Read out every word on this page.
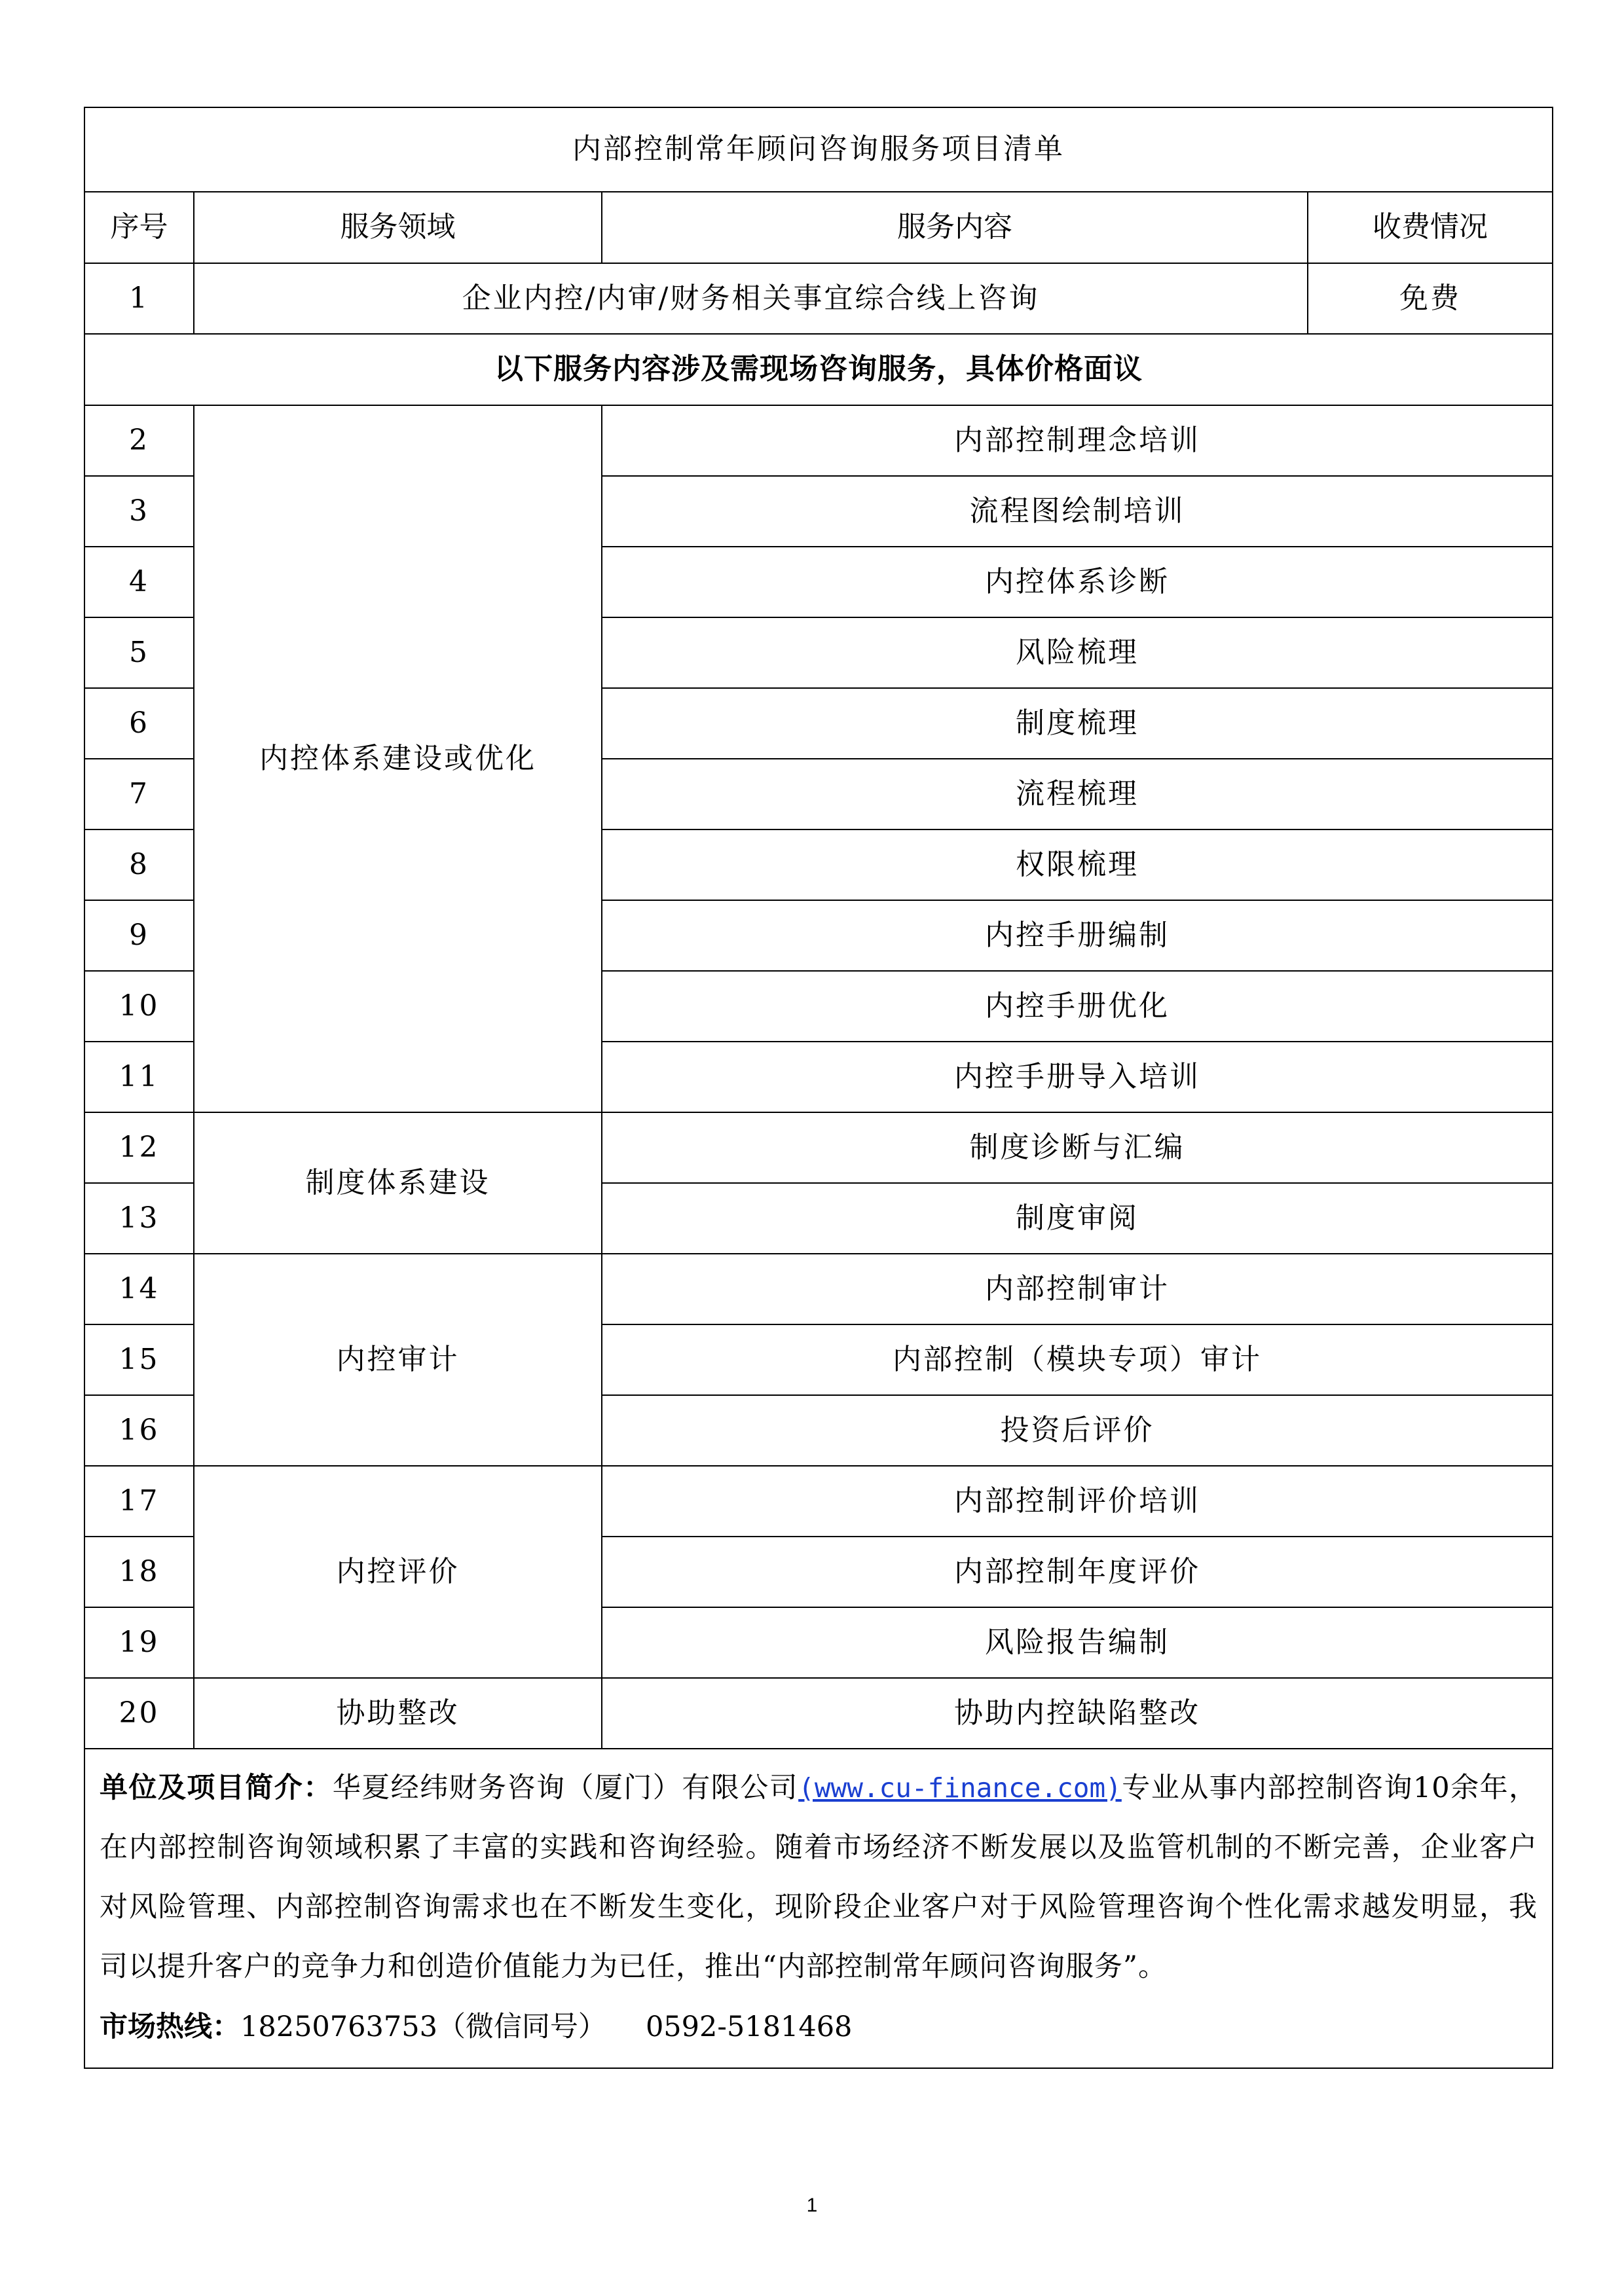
内部控制常年顾问咨询服务项目清单			
序号	服务领域	服务内容	收费情况
1	企业内控/内审/财务相关事宜综合线上咨询		免费
以下服务内容涉及需现场咨询服务，具体价格面议			
2	内控体系建设或优化	内部控制理念培训	
3		流程图绘制培训	
4		内控体系诊断	
5		风险梳理	
6		制度梳理	
7		流程梳理	
8		权限梳理	
9		内控手册编制	
10		内控手册优化	
11		内控手册导入培训	
12	制度体系建设	制度诊断与汇编	
13		制度审阅	
14	内控审计	内部控制审计	
15		内部控制（模块专项）审计	
16		投资后评价	
17	内控评价	内部控制评价培训	
18		内部控制年度评价	
19		风险报告编制	
20	协助整改	协助内控缺陷整改	

单位及项目简介：华夏经纬财务咨询（厦门）有限公司(www.cu-finance.com)专业从事内部控制咨询10余年，在内部控制咨询领域积累了丰富的实践和咨询经验。随着市场经济不断发展以及监管机制的不断完善，企业客户对风险管理、内部控制咨询需求也在不断发生变化，现阶段企业客户对于风险管理咨询个性化需求越发明显，我司以提升客户的竞争力和创造价值能力为已任，推出“内部控制常年顾问咨询服务”。
市场热线：18250763753（微信同号） 0592-5181468			
1
